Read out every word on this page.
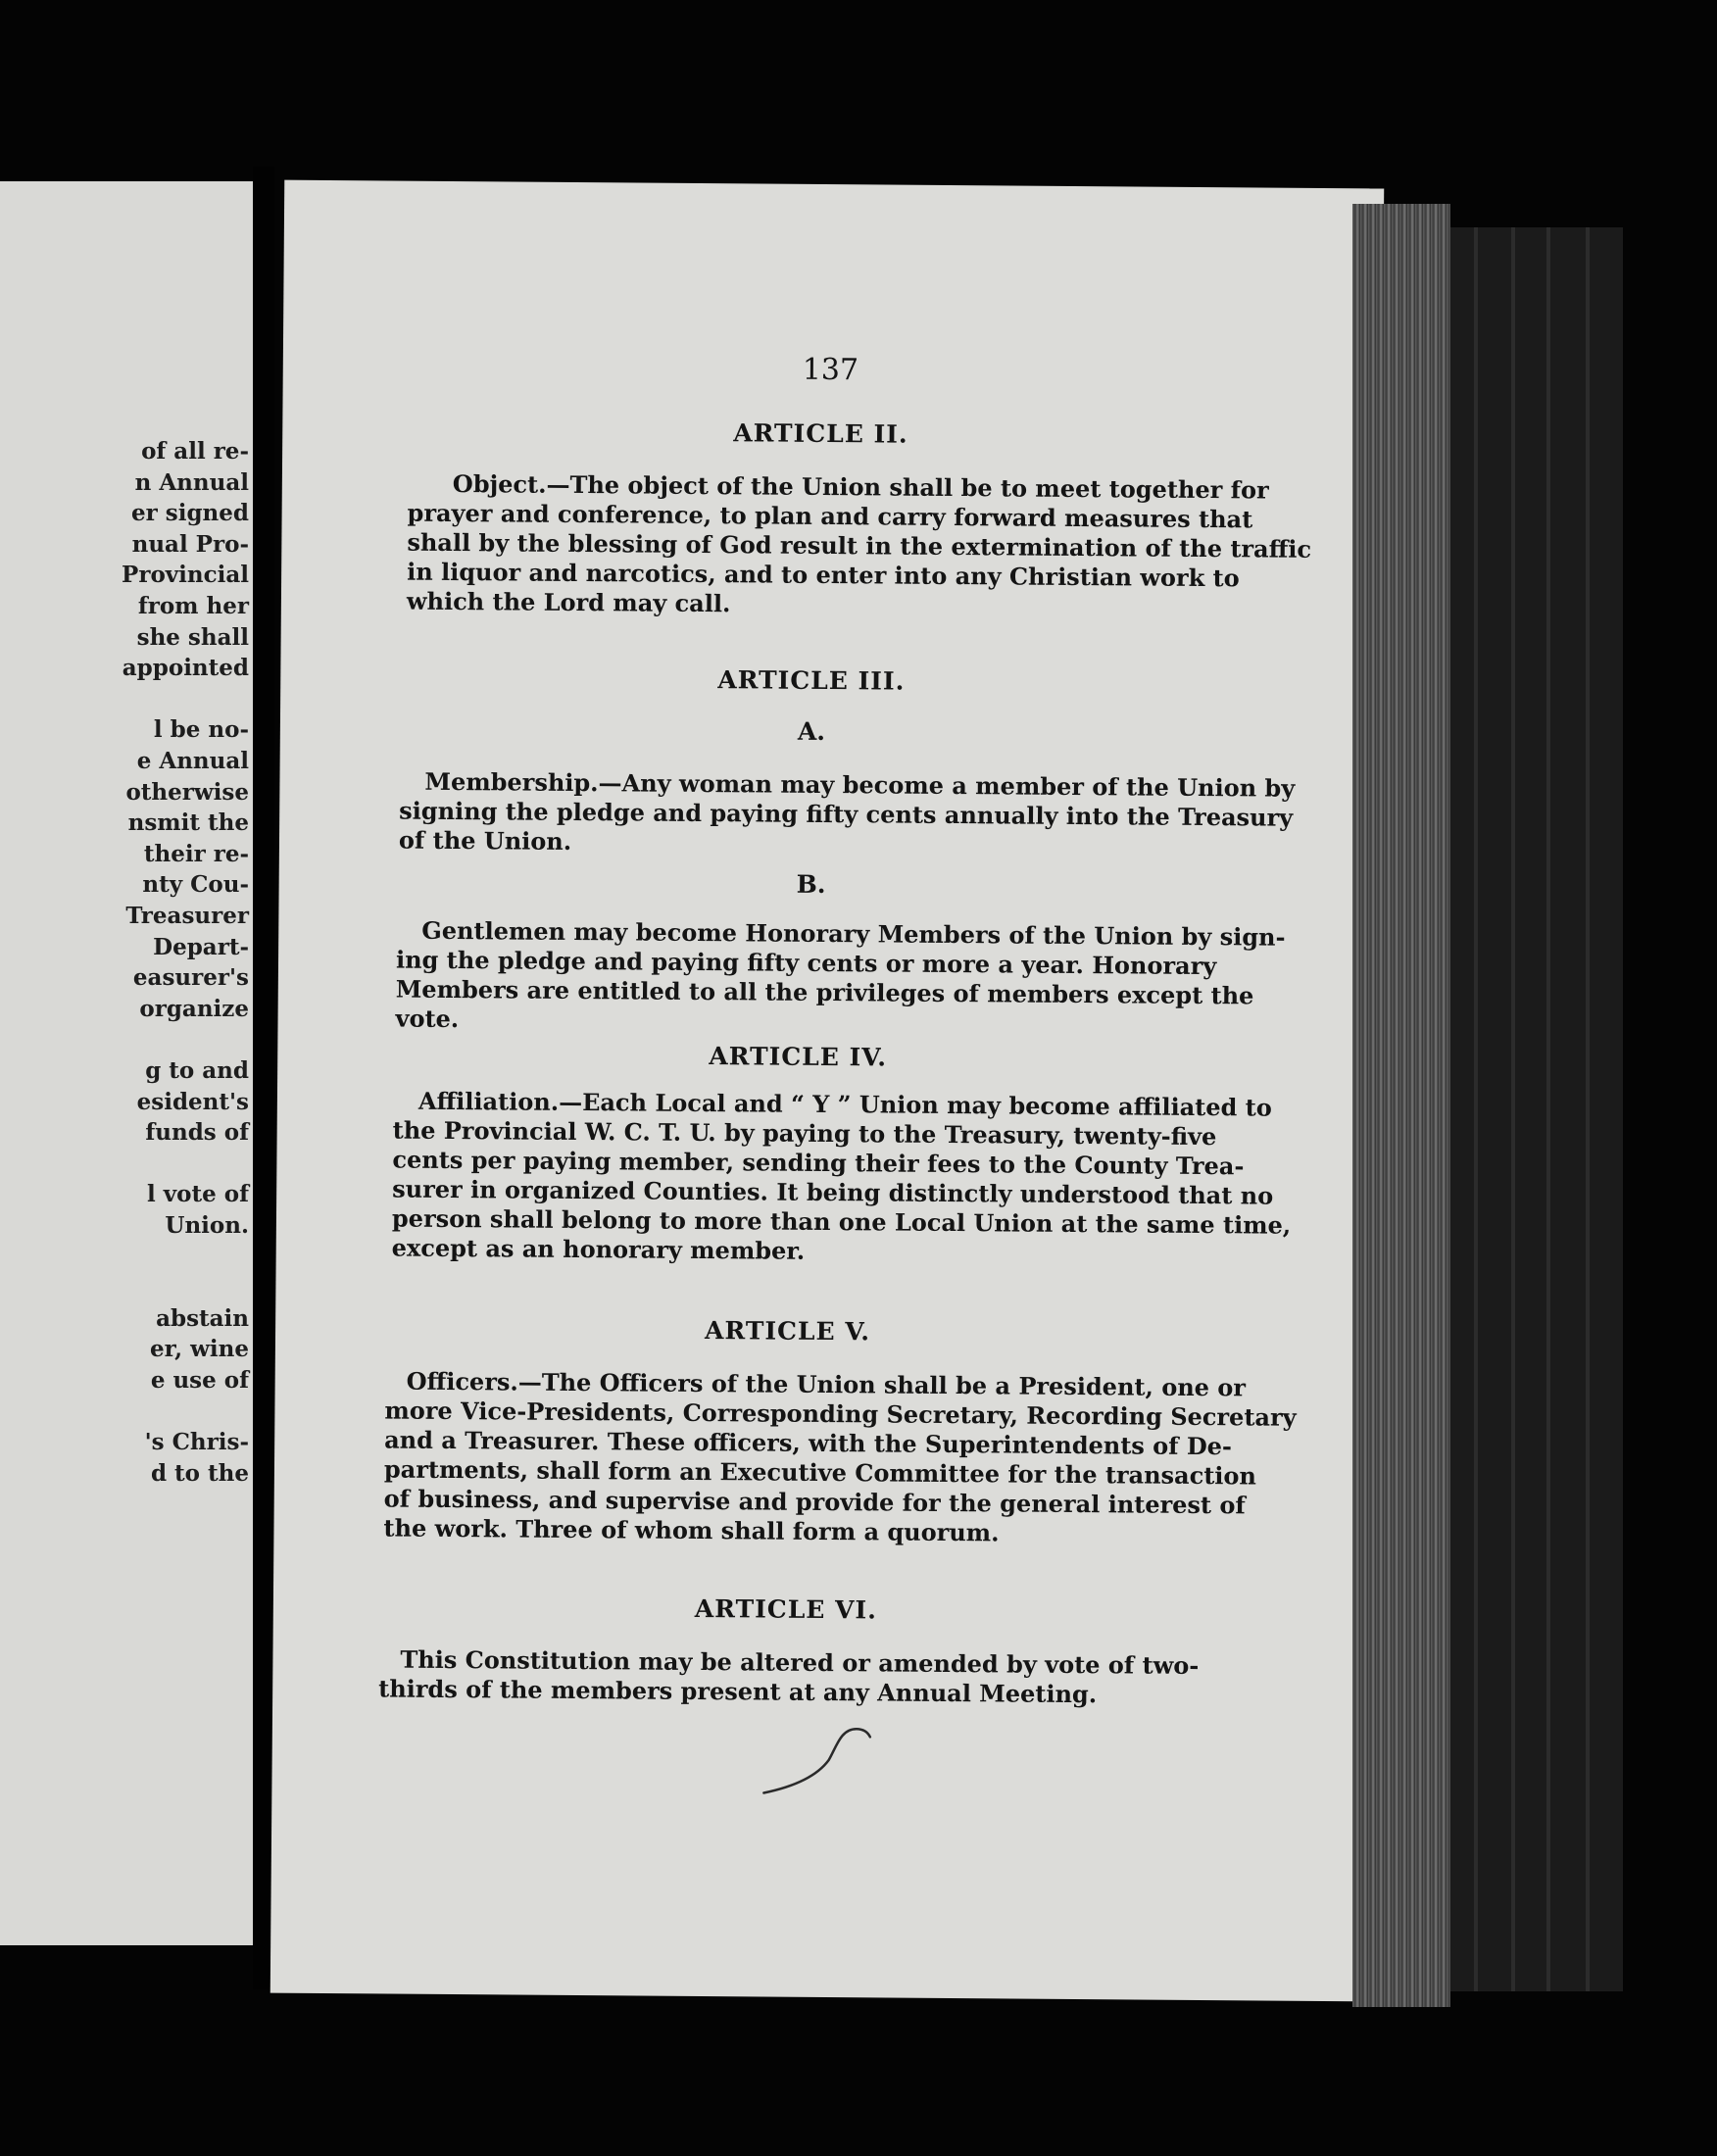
of all re-
n Annual
er signed
nual Pro-
Provincial
from her
she shall
appointed
l be no-
e Annual
otherwise
nsmit the
their re-
nty Cou-
Treasurer
Depart-
easurer's
organize
g to and
esident's
funds of
l vote of
Union.
abstain
er, wine
e use of
's Chris-
d to the
137
ARTICLE II.
Object.—The object of the Union shall be to meet together for
prayer and conference, to plan and carry forward measures that
shall by the blessing of God result in the extermination of the traffic
in liquor and narcotics, and to enter into any Christian work to
which the Lord may call.
ARTICLE III.
A.
Membership.—Any woman may become a member of the Union by
signing the pledge and paying fifty cents annually into the Treasury
of the Union.
B.
Gentlemen may become Honorary Members of the Union by sign-
ing the pledge and paying fifty cents or more a year. Honorary
Members are entitled to all the privileges of members except the
vote.
ARTICLE IV.
Affiliation.—Each Local and “ Y ” Union may become affiliated to
the Provincial W. C. T. U. by paying to the Treasury, twenty-five
cents per paying member, sending their fees to the County Trea-
surer in organized Counties. It being distinctly understood that no
person shall belong to more than one Local Union at the same time,
except as an honorary member.
ARTICLE V.
Officers.—The Officers of the Union shall be a President, one or
more Vice-Presidents, Corresponding Secretary, Recording Secretary
and a Treasurer. These officers, with the Superintendents of De-
partments, shall form an Executive Committee for the transaction
of business, and supervise and provide for the general interest of
the work. Three of whom shall form a quorum.
ARTICLE VI.
This Constitution may be altered or amended by vote of two-
thirds of the members present at any Annual Meeting.
